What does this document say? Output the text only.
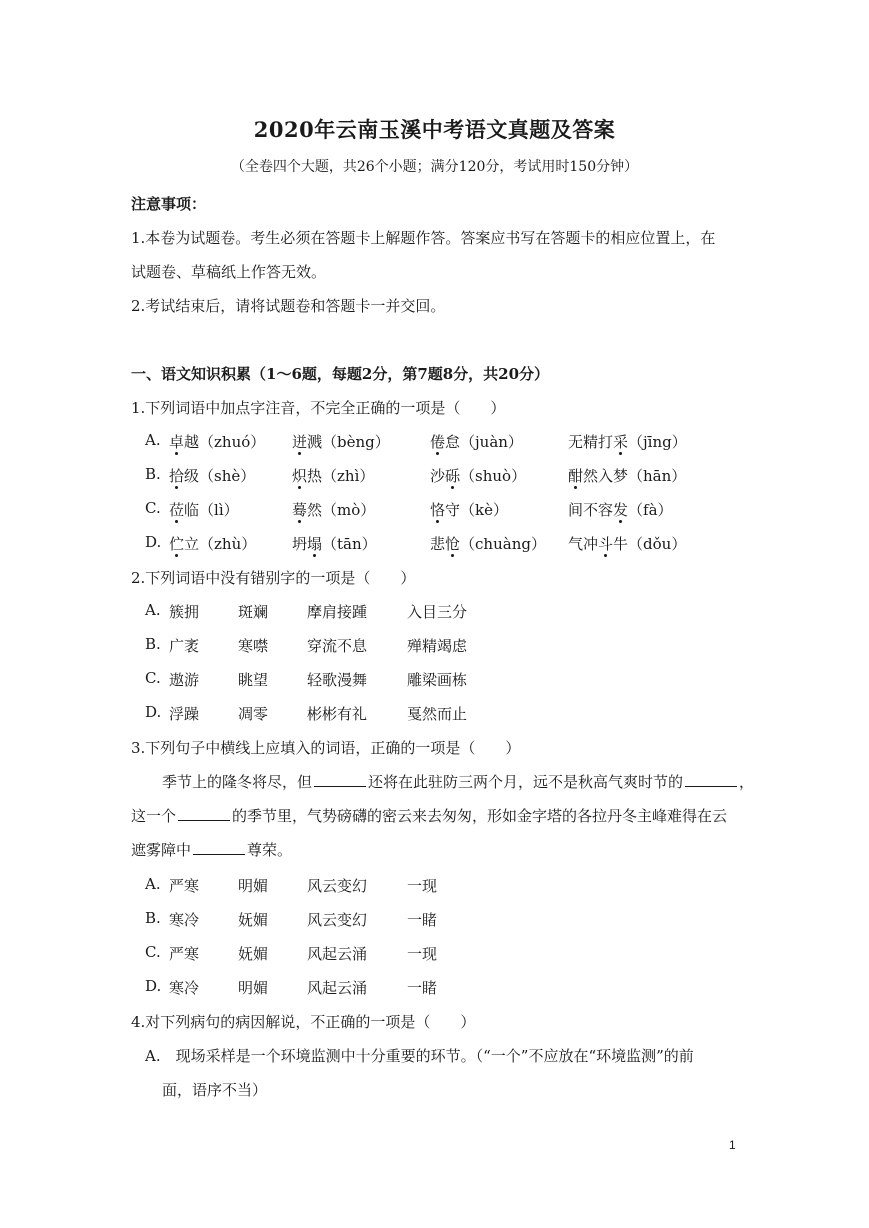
2020年云南玉溪中考语文真题及答案
（全卷四个大题，共26个小题；满分120分，考试用时150分钟）
注意事项：
1.本卷为试题卷。考生必须在答题卡上解题作答。答案应书写在答题卡的相应位置上，在
试题卷、草稿纸上作答无效。
2.考试结束后，请将试题卷和答题卡一并交回。
一、语文知识积累（1～6题，每题2分，第7题8分，共20分）
1.下列词语中加点字注音，不完全正确的一项是（　　）
A. 卓越（zhuó） 迸溅（bèng）	倦怠（juàn）	无精打采（jīng）
B. 拾级（shè） 炽热（zhì）	沙砾（shuò）	酣然入梦（hān）
C. 莅临（lì）	蓦然（mò）	恪守（kè）	间不容发（fà）
D. 伫立（zhù） 坍塌（tān）	悲怆（chuàng） 气冲斗牛（dǒu）
2.下列词语中没有错别字的一项是（　　）
A. 簇拥	斑斓	摩肩接踵	入目三分
B. 广袤	寒噤	穿流不息	殚精竭虑
C. 遨游	眺望	轻歌漫舞	雕梁画栋
D. 浮躁	凋零	彬彬有礼	戛然而止
3.下列句子中横线上应填入的词语，正确的一项是（　　）
季节上的隆冬将尽，但	还将在此驻防三两个月，远不是秋高气爽时节的	，
这一个	的季节里，气势磅礴的密云来去匆匆，形如金字塔的各拉丹冬主峰难得在云
遮雾障中	尊荣。
A. 严寒	明媚	风云变幻	一现
B. 寒冷	妩媚	风云变幻	一睹
C. 严寒	妩媚	风起云涌	一现
D. 寒冷	明媚	风起云涌	一睹
4.对下列病句的病因解说，不正确的一项是（　　）
A.　现场采样是一个环境监测中十分重要的环节。（“一个”不应放在“环境监测”的前
面，语序不当）
1
